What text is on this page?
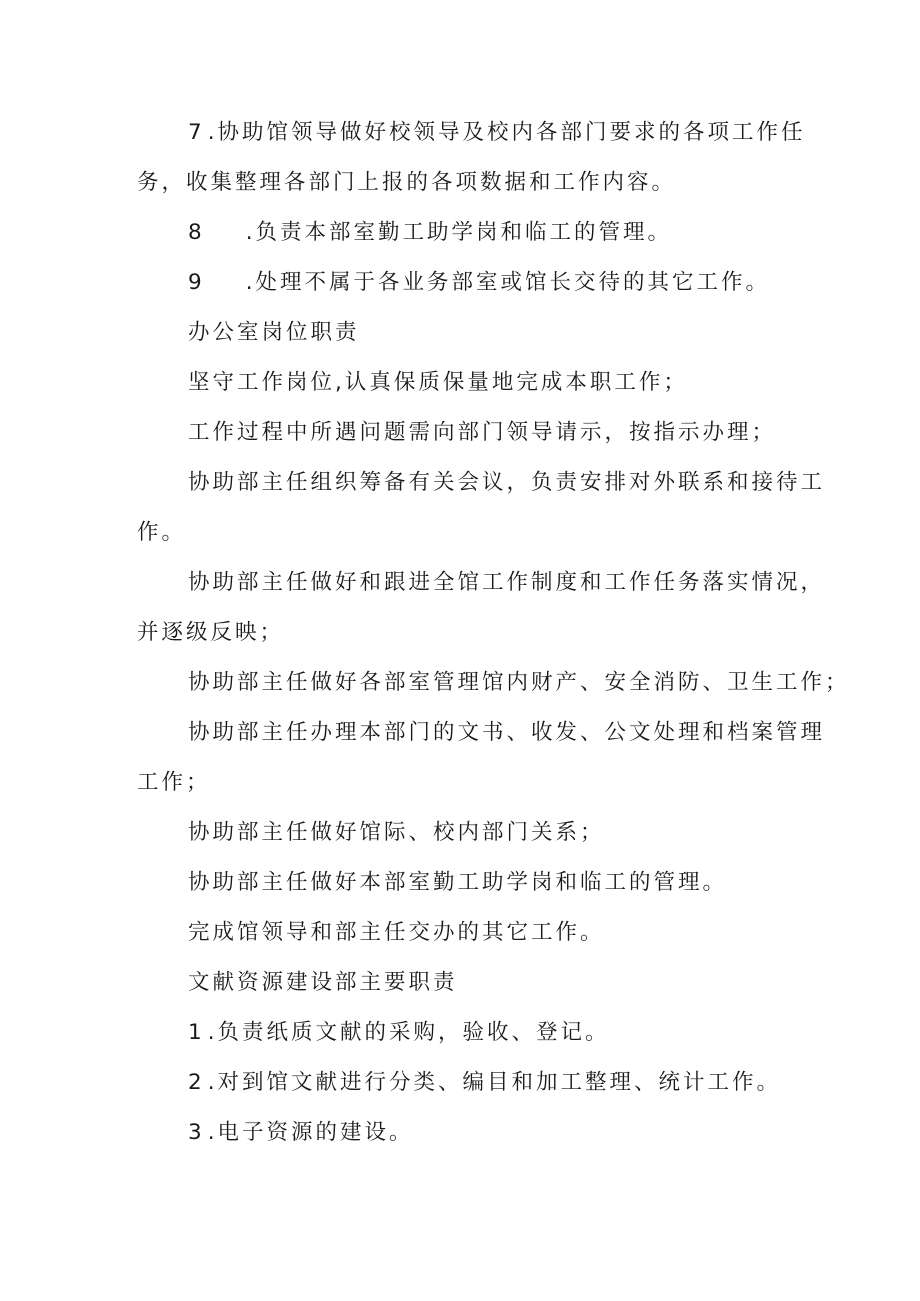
7 .协助馆领导做好校领导及校内各部门要求的各项工作任

务，收集整理各部门上报的各项数据和工作内容。

8 .负责本部室勤工助学岗和临工的管理。

9 .处理不属于各业务部室或馆长交待的其它工作。

办公室岗位职责

坚守工作岗位,认真保质保量地完成本职工作；

工作过程中所遇问题需向部门领导请示，按指示办理；

协助部主任组织筹备有关会议，负责安排对外联系和接待工

作。

协助部主任做好和跟进全馆工作制度和工作任务落实情况，

并逐级反映；

协助部主任做好各部室管理馆内财产、安全消防、卫生工作；

协助部主任办理本部门的文书、收发、公文处理和档案管理

工作；

协助部主任做好馆际、校内部门关系；

协助部主任做好本部室勤工助学岗和临工的管理。

完成馆领导和部主任交办的其它工作。

文献资源建设部主要职责

1 .负责纸质文献的采购，验收、登记。

2 .对到馆文献进行分类、编目和加工整理、统计工作。

3 .电子资源的建设。
